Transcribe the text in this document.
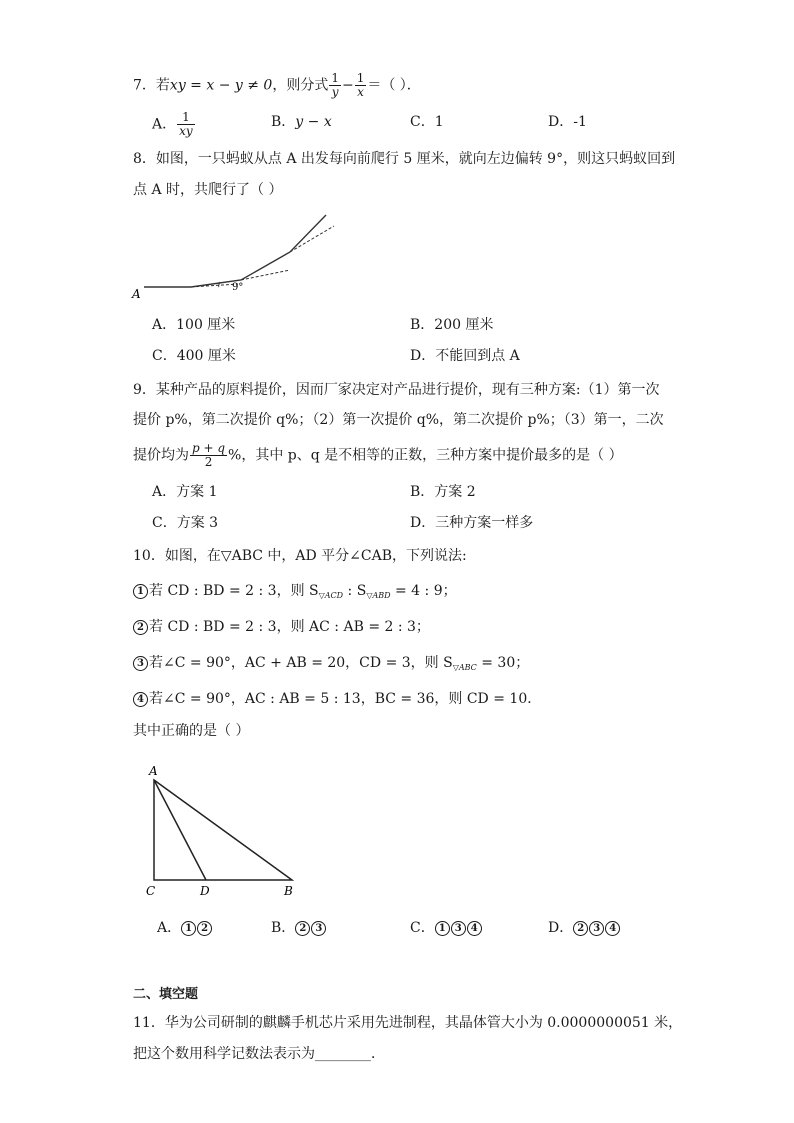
7．若xy = x − y ≠ 0，则分式 $\frac{1}{y} - \frac{1}{x}$ ＝（ ）．
A． $\frac{1}{xy}$	B．y − x	C．1	D．-1
8．如图，一只蚂蚁从点 A 出发每向前爬行 5 厘米，就向左边偏转 9°，则这只蚂蚁回到
点 A 时，共爬行了（ ）
A	9°
A．100 厘米	B．200 厘米
C．400 厘米	D．不能回到点 A
9．某种产品的原料提价，因而厂家决定对产品进行提价，现有三种方案:（1）第一次
提价 p%，第二次提价 q%；（2）第一次提价 q%，第二次提价 p%；（3）第一，二次
提价均为 $\frac{p + q}{2}$ %，其中 p、q 是不相等的正数，三种方案中提价最多的是（ ）
A．方案 1	B．方案 2
C．方案 3	D．三种方案一样多
10．如图，在▽ABC 中，AD 平分∠CAB，下列说法:
1 若 CD : BD = 2 : 3，则 $S_{▽ACD}$ : $S_{▽ABD} = 4$ : 9；
2 若 CD : BD = 2 : 3，则 AC : AB = 2 : 3；
3 若∠C = 90°，AC + AB = 20，CD = 3，则 $S_{▽ABC} = 30$；
4 若∠C = 90°，AC : AB = 5 : 13，BC = 36，则 CD = 10．
其中正确的是（ ）
A
C	D	B
A． 1 2	B． 2 3	C． 1 3 4	D． 2 3 4
二、填空题
11．华为公司研制的麒麟手机芯片采用先进制程，其晶体管大小为 0.0000000051 米，
把这个数用科学记数法表示为________．
